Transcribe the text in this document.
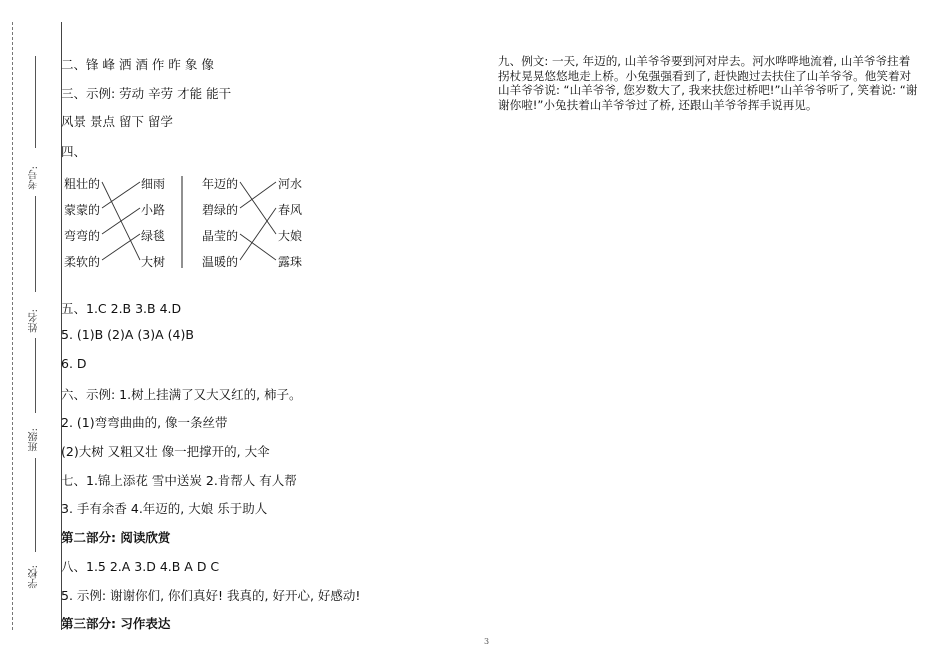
考号:
姓名:
班级:
学校:
二、锋 峰 洒 酒 作 昨 象 像
三、示例: 劳动 辛劳 才能 能干
风景 景点 留下 留学
四、
粗壮的
蒙蒙的
弯弯的
柔软的
细雨
小路
绿毯
大树
年迈的
碧绿的
晶莹的
温暖的
河水
春风
大娘
露珠
五、1.C 2.B 3.B 4.D
5. (1)B (2)A (3)A (4)B
6. D
六、示例: 1.树上挂满了又大又红的, 柿子。
2. (1)弯弯曲曲的, 像一条丝带
(2)大树 又粗又壮 像一把撑开的, 大伞
七、1.锦上添花 雪中送炭 2.肯帮人 有人帮
3. 手有余香 4.年迈的, 大娘 乐于助人
第二部分: 阅读欣赏
八、1.5 2.A 3.D 4.B A D C
5. 示例: 谢谢你们, 你们真好! 我真的, 好开心, 好感动!
第三部分: 习作表达
九、例文: 一天, 年迈的, 山羊爷爷要到河对岸去。河水哗哗地流着, 山羊爷爷拄着拐杖晃晃悠悠地走上桥。小兔强强看到了, 赶快跑过去扶住了山羊爷爷。他笑着对山羊爷爷说: “山羊爷爷, 您岁数大了, 我来扶您过桥吧!”山羊爷爷听了, 笑着说: “谢谢你啦!”小兔扶着山羊爷爷过了桥, 还跟山羊爷爷挥手说再见。
3
